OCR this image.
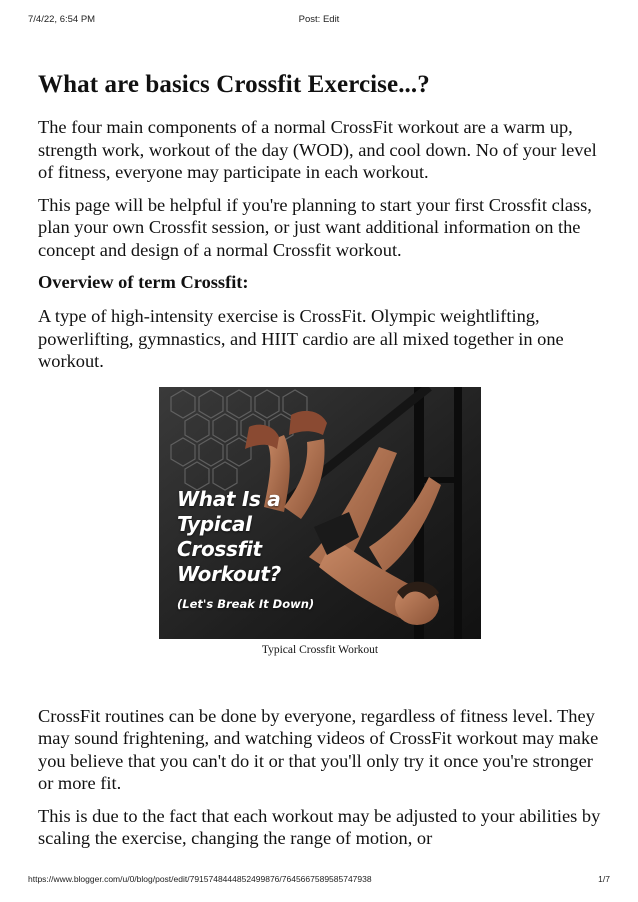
7/4/22, 6:54 PM	Post: Edit
What are basics Crossfit Exercise...?

The four main components of a normal CrossFit workout are a warm up, strength work, workout of the day (WOD), and cool down. No of your level of fitness, everyone may participate in each workout.

This page will be helpful if you're planning to start your first Crossfit class, plan your own Crossfit session, or just want additional information on the concept and design of a normal Crossfit workout.

Overview of term Crossfit:

A type of high-intensity exercise is CrossFit. Olympic weightlifting, powerlifting, gymnastics, and HIIT cardio are all mixed together in one workout.

What Is a
Typical
Crossfit
Workout?
(Let's Break It Down)
Typical Crossfit Workout

CrossFit routines can be done by everyone, regardless of fitness level. They may sound frightening, and watching videos of CrossFit workout may make you believe that you can't do it or that you'll only try it once you're stronger or more fit.

This is due to the fact that each workout may be adjusted to your abilities by scaling the exercise, changing the range of motion, or

https://www.blogger.com/u/0/blog/post/edit/7915748444852499876/7645667589585747938	1/7
